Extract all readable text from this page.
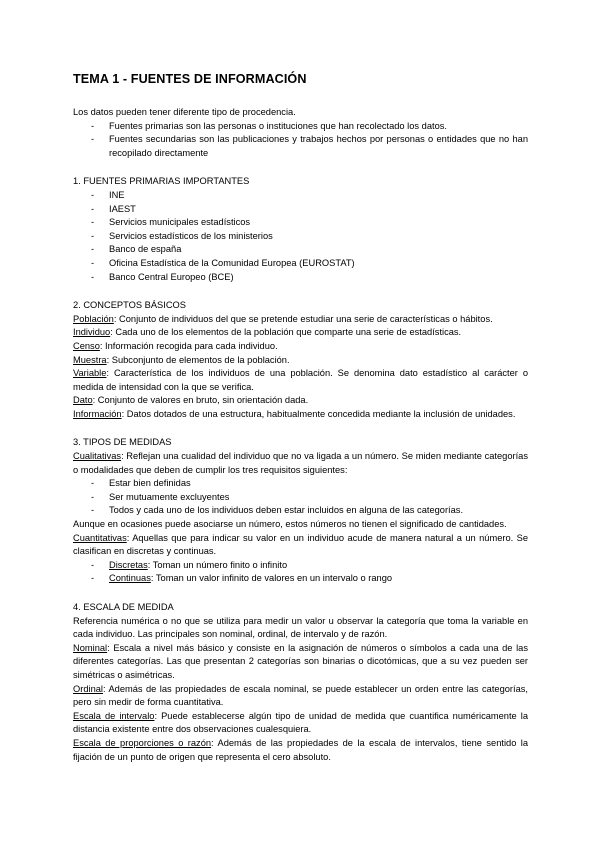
TEMA 1 - FUENTES DE INFORMACIÓN

Los datos pueden tener diferente tipo de procedencia.

- Fuentes primarias son las personas o instituciones que han recolectado los datos.
- Fuentes secundarias son las publicaciones y trabajos hechos por personas o entidades que no han recopilado directamente

1. FUENTES PRIMARIAS IMPORTANTES

- INE
- IAEST
- Servicios municipales estadísticos
- Servicios estadísticos de los ministerios
- Banco de españa
- Oficina Estadística de la Comunidad Europea (EUROSTAT)
- Banco Central Europeo (BCE)

2. CONCEPTOS BÁSICOS

Población: Conjunto de individuos del que se pretende estudiar una serie de características o hábitos.

Individuo: Cada uno de los elementos de la población que comparte una serie de estadísticas.

Censo: Información recogida para cada individuo.

Muestra: Subconjunto de elementos de la población.

Variable: Característica de los individuos de una población. Se denomina dato estadístico al carácter o medida de intensidad con la que se verifica.

Dato: Conjunto de valores en bruto, sin orientación dada.

Información: Datos dotados de una estructura, habitualmente concedida mediante la inclusión de unidades.

3. TIPOS DE MEDIDAS

Cualitativas: Reflejan una cualidad del individuo que no va ligada a un número. Se miden mediante categorías o modalidades que deben de cumplir los tres requisitos siguientes:

- Estar bien definidas
- Ser mutuamente excluyentes
- Todos y cada uno de los individuos deben estar incluidos en alguna de las categorías.

Aunque en ocasiones puede asociarse un número, estos números no tienen el significado de cantidades.

Cuantitativas: Aquellas que para indicar su valor en un individuo acude de manera natural a un número. Se clasifican en discretas y continuas.

- Discretas: Toman un número finito o infinito
- Continuas: Toman un valor infinito de valores en un intervalo o rango

4. ESCALA DE MEDIDA

Referencia numérica o no que se utiliza para medir un valor u observar la categoría que toma la variable en cada individuo. Las principales son nominal, ordinal, de intervalo y de razón.

Nominal: Escala a nivel más básico y consiste en la asignación de números o símbolos a cada una de las diferentes categorías. Las que presentan 2 categorías son binarias o dicotómicas, que a su vez pueden ser simétricas o asimétricas.

Ordinal: Además de las propiedades de escala nominal, se puede establecer un orden entre las categorías, pero sin medir de forma cuantitativa.

Escala de intervalo: Puede establecerse algún tipo de unidad de medida que cuantifica numéricamente la distancia existente entre dos observaciones cualesquiera.

Escala de proporciones o razón: Además de las propiedades de la escala de intervalos, tiene sentido la fijación de un punto de origen que representa el cero absoluto.
